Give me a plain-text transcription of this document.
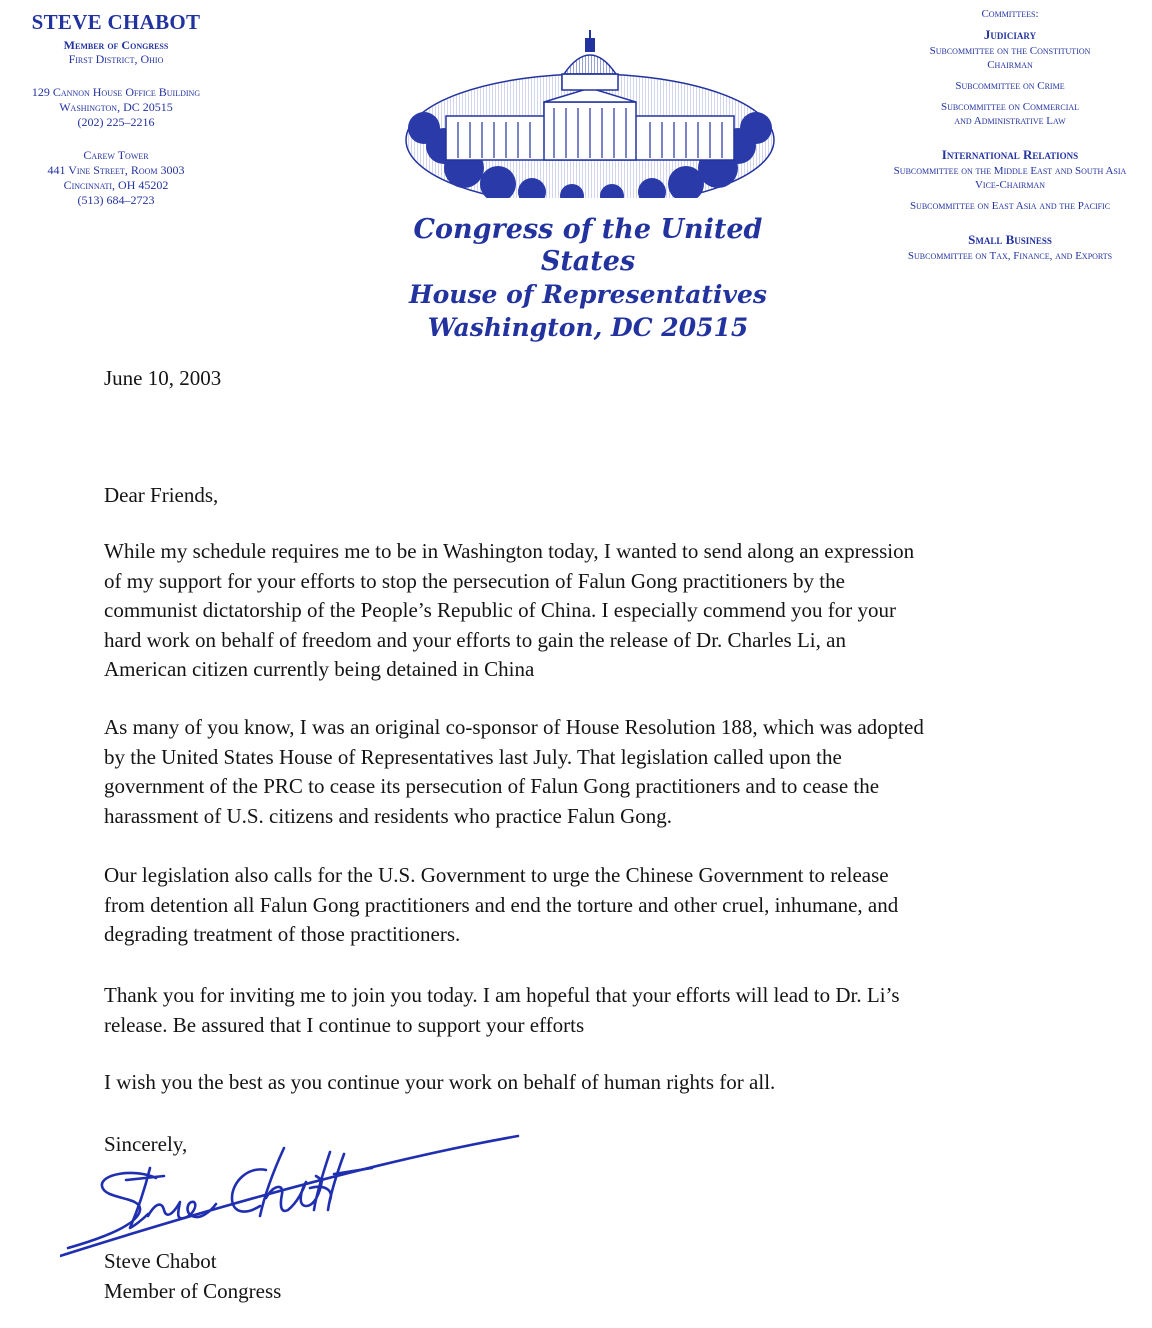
STEVE CHABOT
Member of Congress
First District, Ohio
129 Cannon House Office Building
Washington, DC 20515
(202) 225–2216
Carew Tower
441 Vine Street, Room 3003
Cincinnati, OH 45202
(513) 684–2723
Congress of the United States
House of Representatives
Washington, DC 20515
Committees:
Judiciary
Subcommittee on the Constitution
Chairman
Subcommittee on Crime
Subcommittee on Commercial
and Administrative Law
International Relations
Subcommittee on the Middle East and South Asia
Vice-Chairman
Subcommittee on East Asia and the Pacific
Small Business
Subcommittee on Tax, Finance, and Exports
June 10, 2003
Dear Friends,
While my schedule requires me to be in Washington today, I wanted to send along an expression
of my support for your efforts to stop the persecution of Falun Gong practitioners by the
communist dictatorship of the People’s Republic of China. I especially commend you for your
hard work on behalf of freedom and your efforts to gain the release of Dr. Charles Li, an
American citizen currently being detained in China
As many of you know, I was an original co-sponsor of House Resolution 188, which was adopted
by the United States House of Representatives last July. That legislation called upon the
government of the PRC to cease its persecution of Falun Gong practitioners and to cease the
harassment of U.S. citizens and residents who practice Falun Gong.
Our legislation also calls for the U.S. Government to urge the Chinese Government to release
from detention all Falun Gong practitioners and end the torture and other cruel, inhumane, and
degrading treatment of those practitioners.
Thank you for inviting me to join you today. I am hopeful that your efforts will lead to Dr. Li’s
release. Be assured that I continue to support your efforts
I wish you the best as you continue your work on behalf of human rights for all.
Sincerely,
Steve Chabot
Member of Congress
